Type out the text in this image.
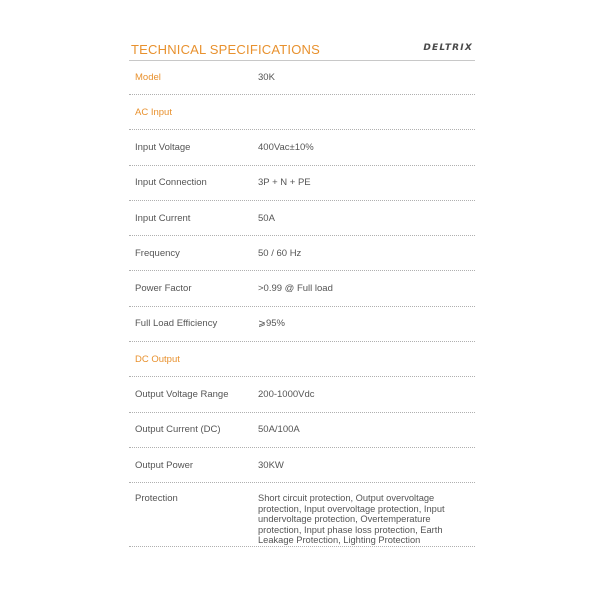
TECHNICAL SPECIFICATIONS	DELTRIX
Model	30K
AC Input
Input Voltage	400Vac±10%
Input Connection	3P + N + PE
Input Current	50A
Frequency	50 / 60 Hz
Power Factor	>0.99 @ Full load
Full Load Efficiency	⩾95%
DC Output
Output Voltage Range	200-1000Vdc
Output Current (DC)	50A/100A
Output Power	30KW
Protection	Short circuit protection, Output overvoltage protection, Input overvoltage protection, Input undervoltage protection, Overtemperature protection, Input phase loss protection, Earth Leakage Protection, Lighting Protection
